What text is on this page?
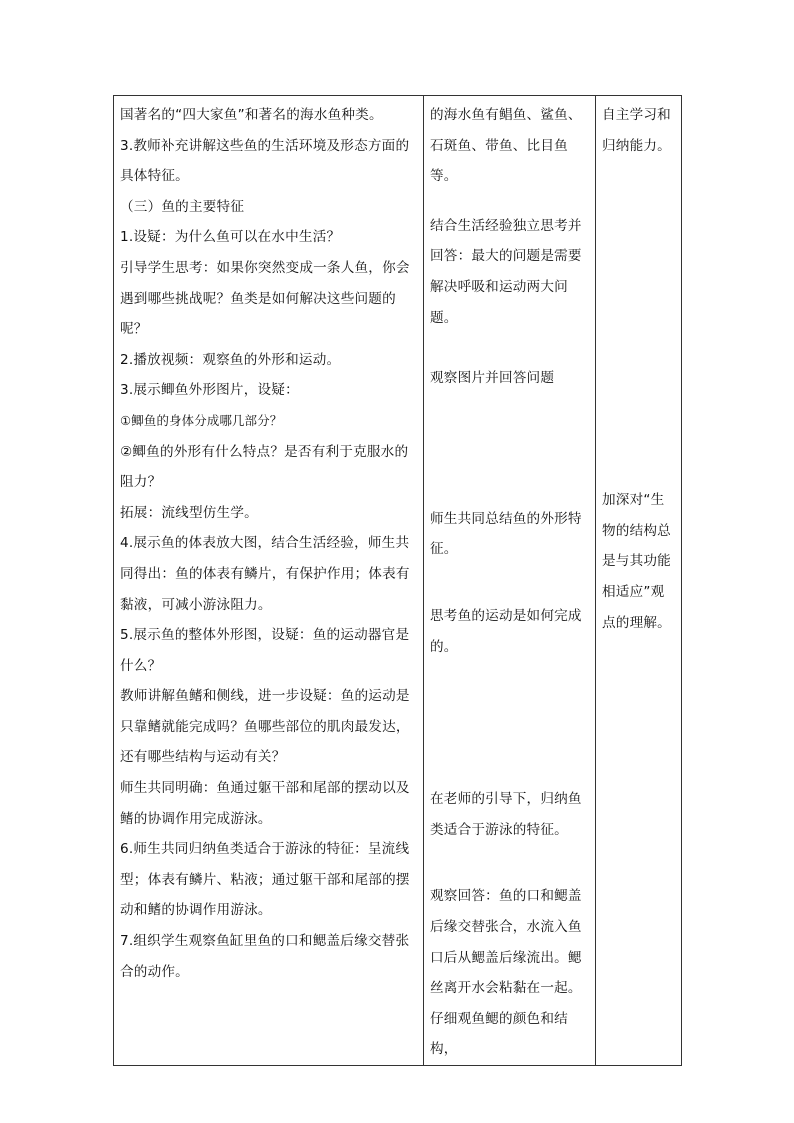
国著名的“四大家鱼”和著名的海水鱼种类。
3.教师补充讲解这些鱼的生活环境及形态方面的具体特征。
（三）鱼的主要特征
1.设疑：为什么鱼可以在水中生活？
引导学生思考：如果你突然变成一条人鱼，你会遇到哪些挑战呢？鱼类是如何解决这些问题的呢？
2.播放视频：观察鱼的外形和运动。
3.展示鲫鱼外形图片，设疑：
①鲫鱼的身体分成哪几部分？
②鲫鱼的外形有什么特点？是否有利于克服水的阻力？
拓展：流线型仿生学。
4.展示鱼的体表放大图，结合生活经验，师生共同得出：鱼的体表有鳞片，有保护作用；体表有黏液，可减小游泳阻力。
5.展示鱼的整体外形图，设疑：鱼的运动器官是什么？
教师讲解鱼鳍和侧线，进一步设疑：鱼的运动是只靠鳍就能完成吗？鱼哪些部位的肌肉最发达，还有哪些结构与运动有关？
师生共同明确：鱼通过躯干部和尾部的摆动以及鳍的协调作用完成游泳。
6.师生共同归纳鱼类适合于游泳的特征：呈流线型；体表有鳞片、粘液；通过躯干部和尾部的摆动和鳍的协调作用游泳。
7.组织学生观察鱼缸里鱼的口和鳃盖后缘交替张合的动作。

的海水鱼有鲳鱼、鲨鱼、石斑鱼、带鱼、比目鱼等。
结合生活经验独立思考并回答：最大的问题是需要解决呼吸和运动两大问题。
观察图片并回答问题
师生共同总结鱼的外形特征。
思考鱼的运动是如何完成的。
在老师的引导下，归纳鱼类适合于游泳的特征。
观察回答：鱼的口和鳃盖后缘交替张合，水流入鱼口后从鳃盖后缘流出。鳃丝离开水会粘黏在一起。仔细观鱼鳃的颜色和结构，

自主学习和归纳能力。
加深对“生物的结构总是与其功能相适应”观点的理解。
